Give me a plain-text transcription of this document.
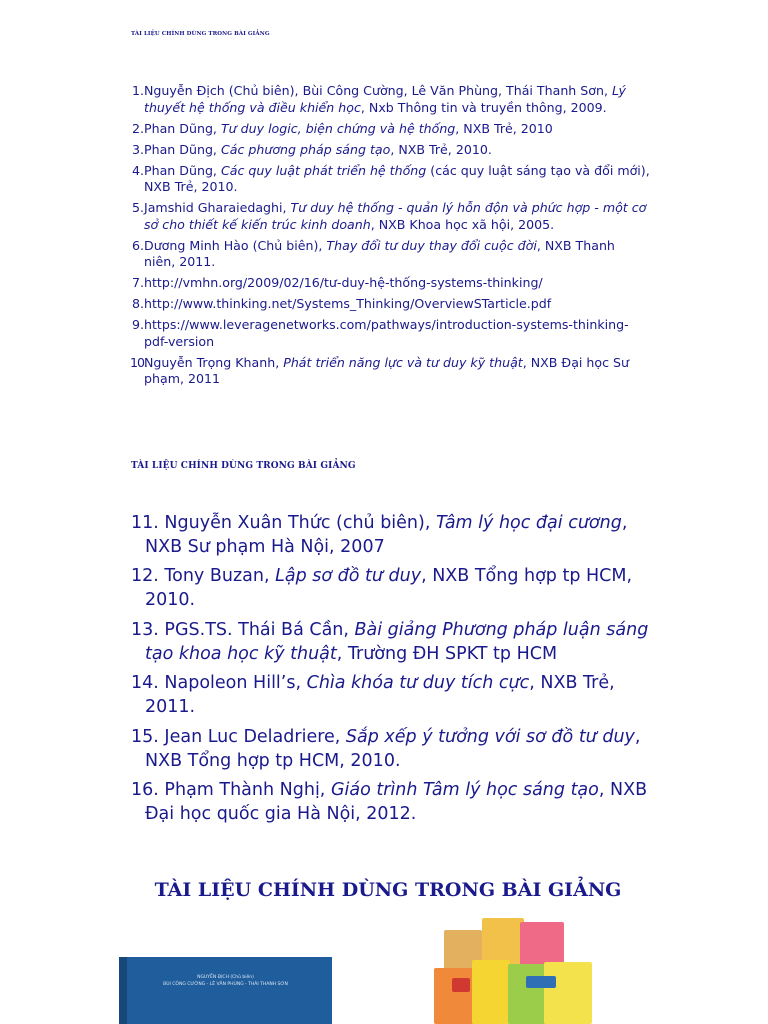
TÀI LIỆU CHÍNH DÙNG TRONG BÀI GIẢNG
1. Nguyễn Địch (Chủ biên), Bùi Công Cường, Lê Văn Phùng, Thái Thanh Sơn, Lý thuyết hệ thống và điều khiển học, Nxb Thông tin và truyền thông, 2009.
2. Phan Dũng, Tư duy logic, biện chứng và hệ thống, NXB Trẻ, 2010
3. Phan Dũng, Các phương pháp sáng tạo, NXB Trẻ, 2010.
4. Phan Dũng, Các quy luật phát triển hệ thống (các quy luật sáng tạo và đổi mới), NXB Trẻ, 2010.
5. Jamshid Gharaiedaghi, Tư duy hệ thống - quản lý hỗn độn và phức hợp - một cơ sở cho thiết kế kiến trúc kinh doanh, NXB Khoa học xã hội, 2005.
6. Dương Minh Hào (Chủ biên), Thay đổi tư duy thay đổi cuộc đời, NXB Thanh niên, 2011.
7. http://vmhn.org/2009/02/16/tư-duy-hệ-thống-systems-thinking/
8. http://www.thinking.net/Systems_Thinking/OverviewSTarticle.pdf
9. https://www.leveragenetworks.com/pathways/introduction-systems-thinking-pdf-version
10.
Nguyễn Trọng Khanh, Phát triển năng lực và tư duy kỹ thuật, NXB Đại học Sư phạm, 2011
TÀI LIỆU CHÍNH DÙNG TRONG BÀI GIẢNG
11. Nguyễn Xuân Thức (chủ biên), Tâm lý học đại cương, NXB Sư phạm Hà Nội, 2007
12. Tony Buzan, Lập sơ đồ tư duy, NXB Tổng hợp tp HCM, 2010.
13. PGS.TS. Thái Bá Cần, Bài giảng Phương pháp luận sáng tạo khoa học kỹ thuật, Trường ĐH SPKT tp HCM
14. Napoleon Hill’s, Chìa khóa tư duy tích cực, NXB Trẻ, 2011.
15. Jean Luc Deladriere, Sắp xếp ý tưởng với sơ đồ tư duy, NXB Tổng hợp tp HCM, 2010.
16. Phạm Thành Nghị, Giáo trình Tâm lý học sáng tạo, NXB Đại học quốc gia Hà Nội, 2012.
TÀI LIỆU CHÍNH DÙNG TRONG BÀI GIẢNG
NGUYỄN ĐỊCH (Chủ biên)
BÙI CÔNG CƯỜNG - LÊ VĂN PHÙNG - THÁI THANH SƠN
